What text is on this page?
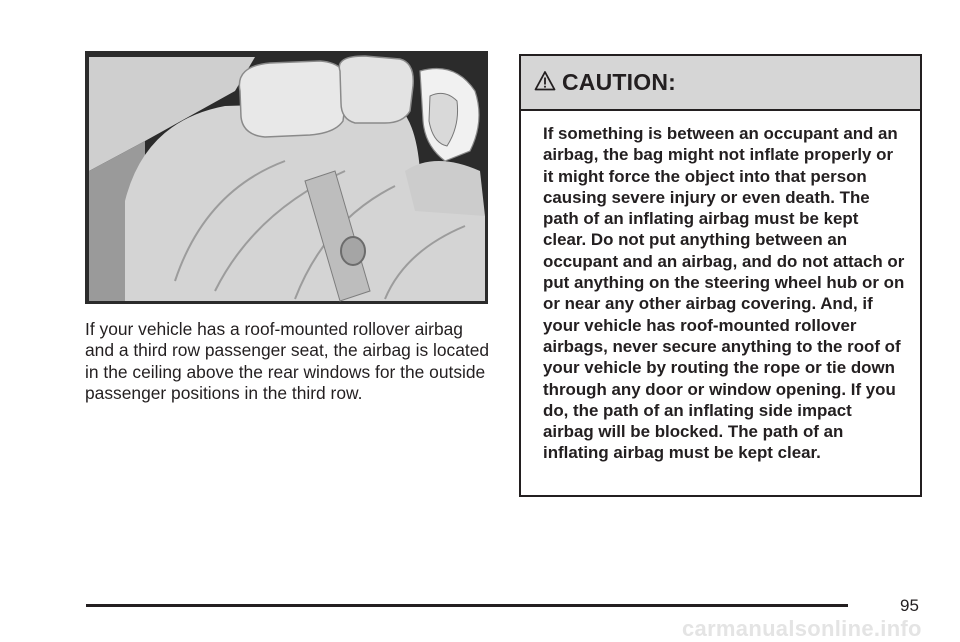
If your vehicle has a roof-mounted rollover airbag and a third row passenger seat, the airbag is located in the ceiling above the rear windows for the outside passenger positions in the third row.

CAUTION:

If something is between an occupant and an airbag, the bag might not inflate properly or it might force the object into that person causing severe injury or even death. The path of an inflating airbag must be kept clear. Do not put anything between an occupant and an airbag, and do not attach or put anything on the steering wheel hub or on or near any other airbag covering. And, if your vehicle has roof-mounted rollover airbags, never secure anything to the roof of your vehicle by routing the rope or tie down through any door or window opening. If you do, the path of an inflating side impact airbag will be blocked. The path of an inflating airbag must be kept clear.

95
carmanualsonline.info
